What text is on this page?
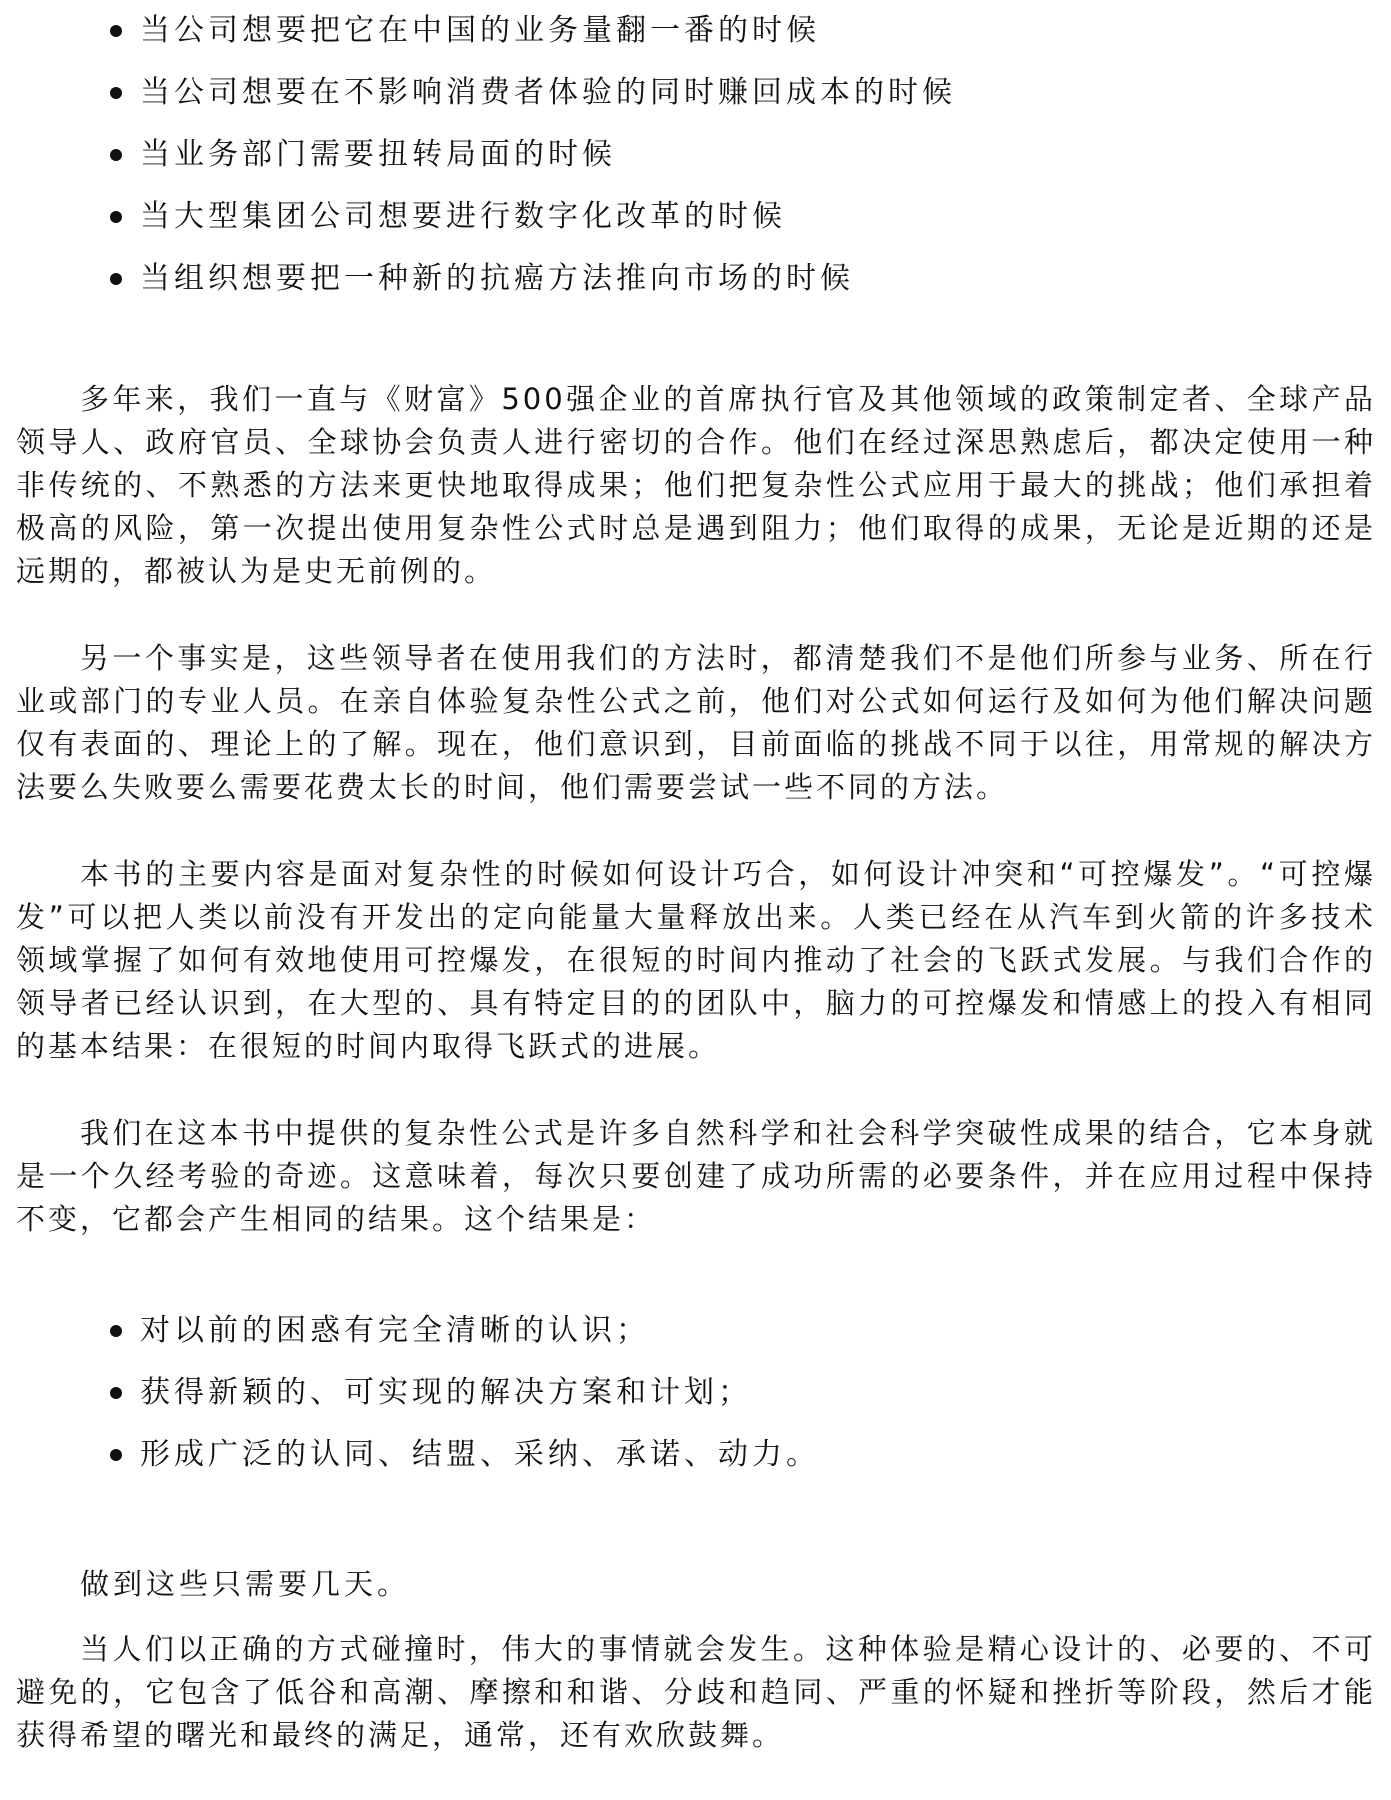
当公司想要把它在中国的业务量翻一番的时候
当公司想要在不影响消费者体验的同时赚回成本的时候
当业务部门需要扭转局面的时候
当大型集团公司想要进行数字化改革的时候
当组织想要把一种新的抗癌方法推向市场的时候

多年来，我们一直与《财富》500强企业的首席执行官及其他领域的政策制定者、全球产品领导人、政府官员、全球协会负责人进行密切的合作。他们在经过深思熟虑后，都决定使用一种非传统的、不熟悉的方法来更快地取得成果；他们把复杂性公式应用于最大的挑战；他们承担着极高的风险，第一次提出使用复杂性公式时总是遇到阻力；他们取得的成果，无论是近期的还是远期的，都被认为是史无前例的。

另一个事实是，这些领导者在使用我们的方法时，都清楚我们不是他们所参与业务、所在行业或部门的专业人员。在亲自体验复杂性公式之前，他们对公式如何运行及如何为他们解决问题仅有表面的、理论上的了解。现在，他们意识到，目前面临的挑战不同于以往，用常规的解决方法要么失败要么需要花费太长的时间，他们需要尝试一些不同的方法。

本书的主要内容是面对复杂性的时候如何设计巧合，如何设计冲突和“可控爆发”。“可控爆发”可以把人类以前没有开发出的定向能量大量释放出来。人类已经在从汽车到火箭的许多技术领域掌握了如何有效地使用可控爆发，在很短的时间内推动了社会的飞跃式发展。与我们合作的领导者已经认识到，在大型的、具有特定目的的团队中，脑力的可控爆发和情感上的投入有相同的基本结果：在很短的时间内取得飞跃式的进展。

我们在这本书中提供的复杂性公式是许多自然科学和社会科学突破性成果的结合，它本身就是一个久经考验的奇迹。这意味着，每次只要创建了成功所需的必要条件，并在应用过程中保持不变，它都会产生相同的结果。这个结果是：

对以前的困惑有完全清晰的认识；
获得新颖的、可实现的解决方案和计划；
形成广泛的认同、结盟、采纳、承诺、动力。

做到这些只需要几天。

当人们以正确的方式碰撞时，伟大的事情就会发生。这种体验是精心设计的、必要的、不可避免的，它包含了低谷和高潮、摩擦和和谐、分歧和趋同、严重的怀疑和挫折等阶段，然后才能获得希望的曙光和最终的满足，通常，还有欢欣鼓舞。
